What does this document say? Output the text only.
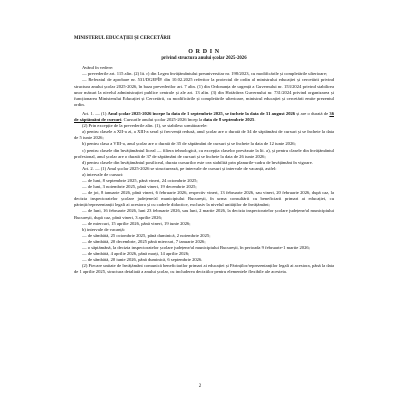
MINISTERUL EDUCAȚIEI ȘI CERCETĂRII
O R D I N
privind structura anului școlar 2025-2026

Având în vedere:

— prevederile art. 115 alin. (2) lit. r) din Legea învățământului preuniversitar nr. 198/2023, cu modificările și completările ulterioare;

— Referatul de aprobare nr. 531/DGEPÎP. din 10.02.2025 referitor la proiectul de ordin al ministrului educației și cercetării privind structura anului școlar 2025-2026, în baza prevederilor art. 7 alin. (1) din Ordonanța de urgență a Guvernului nr. 153/2024 privind stabilirea unor măsuri la nivelul administrației publice centrale și ale art. 13 alin. (3) din Hotărârea Guvernului nr. 731/2024 privind organizarea și funcționarea Ministerului Educației și Cercetării, cu modificările și completările ulterioare, ministrul educației și cercetării emite prezentul ordin.

Art. 1. — (1) Anul școlar 2025-2026 începe la data de 1 septembrie 2025, se încheie la data de 31 august 2026 și are o durată de 36 de săptămâni de cursuri. Cursurile anului școlar 2025-2026 încep la data de 8 septembrie 2025.

(2) Prin excepție de la prevederile alin. (1), se stabilesc următoarele:

a) pentru clasele a XII-a zi, a XIII-a seral și frecvență redusă, anul școlar are o durată de 34 de săptămâni de cursuri și se încheie la data de 5 iunie 2026;

b) pentru clasa a VIII-a, anul școlar are o durată de 35 de săptămâni de cursuri și se încheie la data de 12 iunie 2026;

c) pentru clasele din învățământul liceal — filiera tehnologică, cu excepția claselor prevăzute la lit. a), și pentru clasele din învățământul profesional, anul școlar are o durată de 37 de săptămâni de cursuri și se încheie la data de 26 iunie 2026;

d) pentru clasele din învățământul postliceal, durata cursurilor este cea stabilită prin planurile-cadru de învățământ în vigoare.

Art. 2. — (1) Anul școlar 2025-2026 se structurează, pe intervale de cursuri și intervale de vacanță, astfel:

a) intervale de cursuri:

— de luni, 8 septembrie 2025, până vineri, 24 octombrie 2025;

— de luni, 3 noiembrie 2025, până vineri, 19 decembrie 2025;

— de joi, 8 ianuarie 2026, până vineri, 6 februarie 2026, respectiv vineri, 13 februarie 2026, sau vineri, 20 februarie 2026, după caz, la decizia inspectoratelor școlare județene/al municipiului București, în urma consultării cu beneficiarii primari ai educației, cu părinții/reprezentanții legali ai acestora și cu cadrele didactice, exclusiv la nivelul unităților de învățământ;

— de luni, 16 februarie 2026, luni 23 februarie 2026, sau luni, 2 martie 2026, la decizia inspectoratelor școlare județene/al municipiului București, după caz, până vineri, 3 aprilie 2026;

— de miercuri, 15 aprilie 2026, până vineri, 19 iunie 2026;

b) intervale de vacanță:

— de sâmbătă, 25 octombrie 2025, până duminică, 2 noiembrie 2025;

— de sâmbătă, 20 decembrie, 2025 până miercuri, 7 ianuarie 2026;

— o săptămână, la decizia inspectoratelor școlare județene/al municipiului București, în perioada 9 februarie-1 martie 2026;

— de sâmbătă, 4 aprilie 2026, până marți, 14 aprilie 2026;

— de sâmbătă, 20 iunie 2026, până duminică, 6 septembrie 2026.

(2) Fiecare unitate de învățământ comunică beneficiarilor primari ai educației și Părinților/reprezentanților legali ai acestora, până la data de 1 aprilie 2025, structura detaliată a anului școlar, cu includerea deciziilor pentru elementele flexibile ale acesteia.

2
